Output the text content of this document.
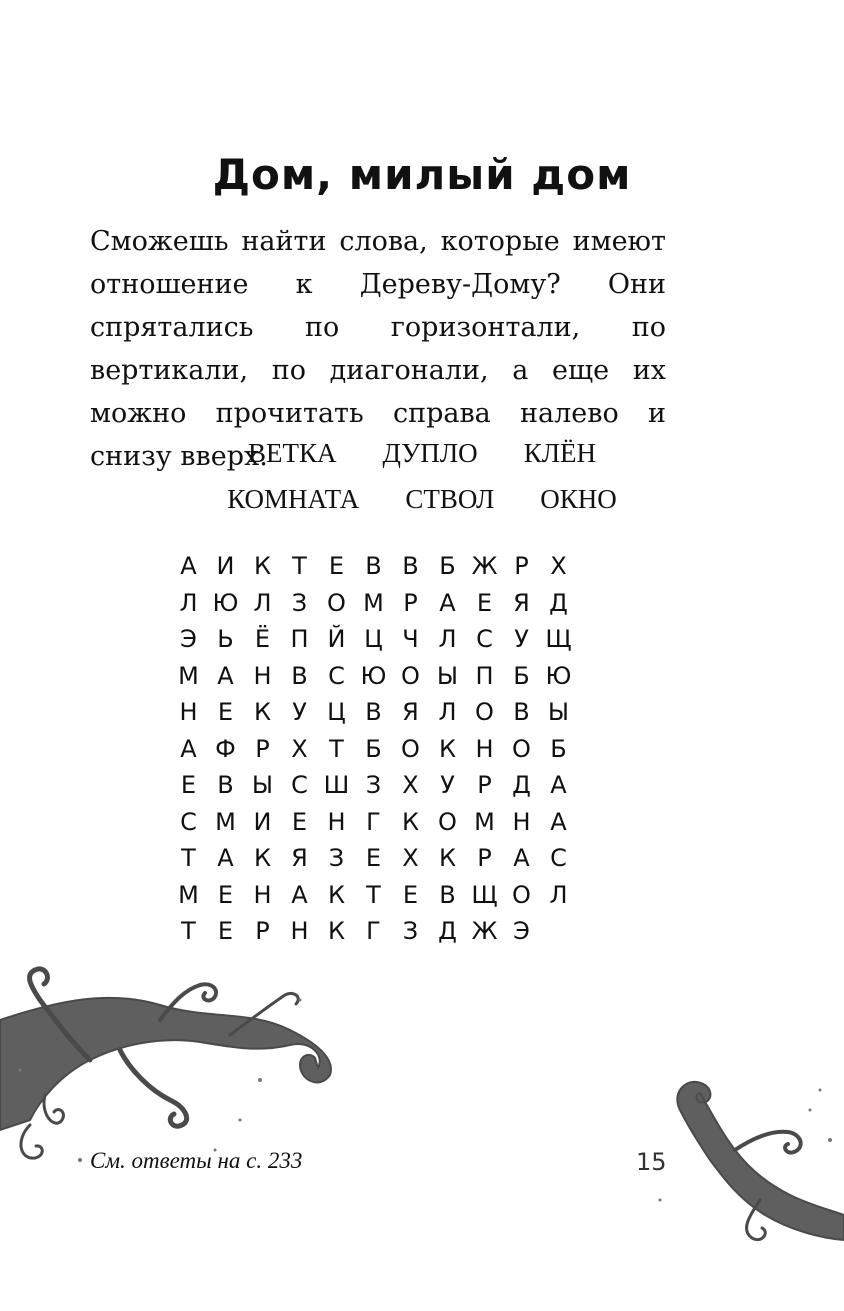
Дом, милый дом
Сможешь найти слова, которые имеют отношение к Дереву-Дому? Они спрятались по горизонтали, по вертикали, по диагонали, а еще их можно прочитать справа налево и снизу вверх.
ВЕТКА ДУПЛО КЛЁН
КОМНАТА СТВОЛ ОКНО
А И К Т Е В В Б Ж Р Х
Л Ю Л З О М Р А Е Я Д
Э Ь Ё П Й Ц Ч Л С У Щ
М А Н В С Ю О Ы П Б Ю
Н Е К У Ц В Я Л О В Ы
А Ф Р Х Т Б О К Н О Б
Е В Ы С Ш З Х У Р Д А
С М И Е Н Г К О М Н А
Т А К Я З Е Х К Р А С
М Е Н А К Т Е В Щ О Л
Т Е Р Н К Г З Д Ж Э
См. ответы на с. 233	15
